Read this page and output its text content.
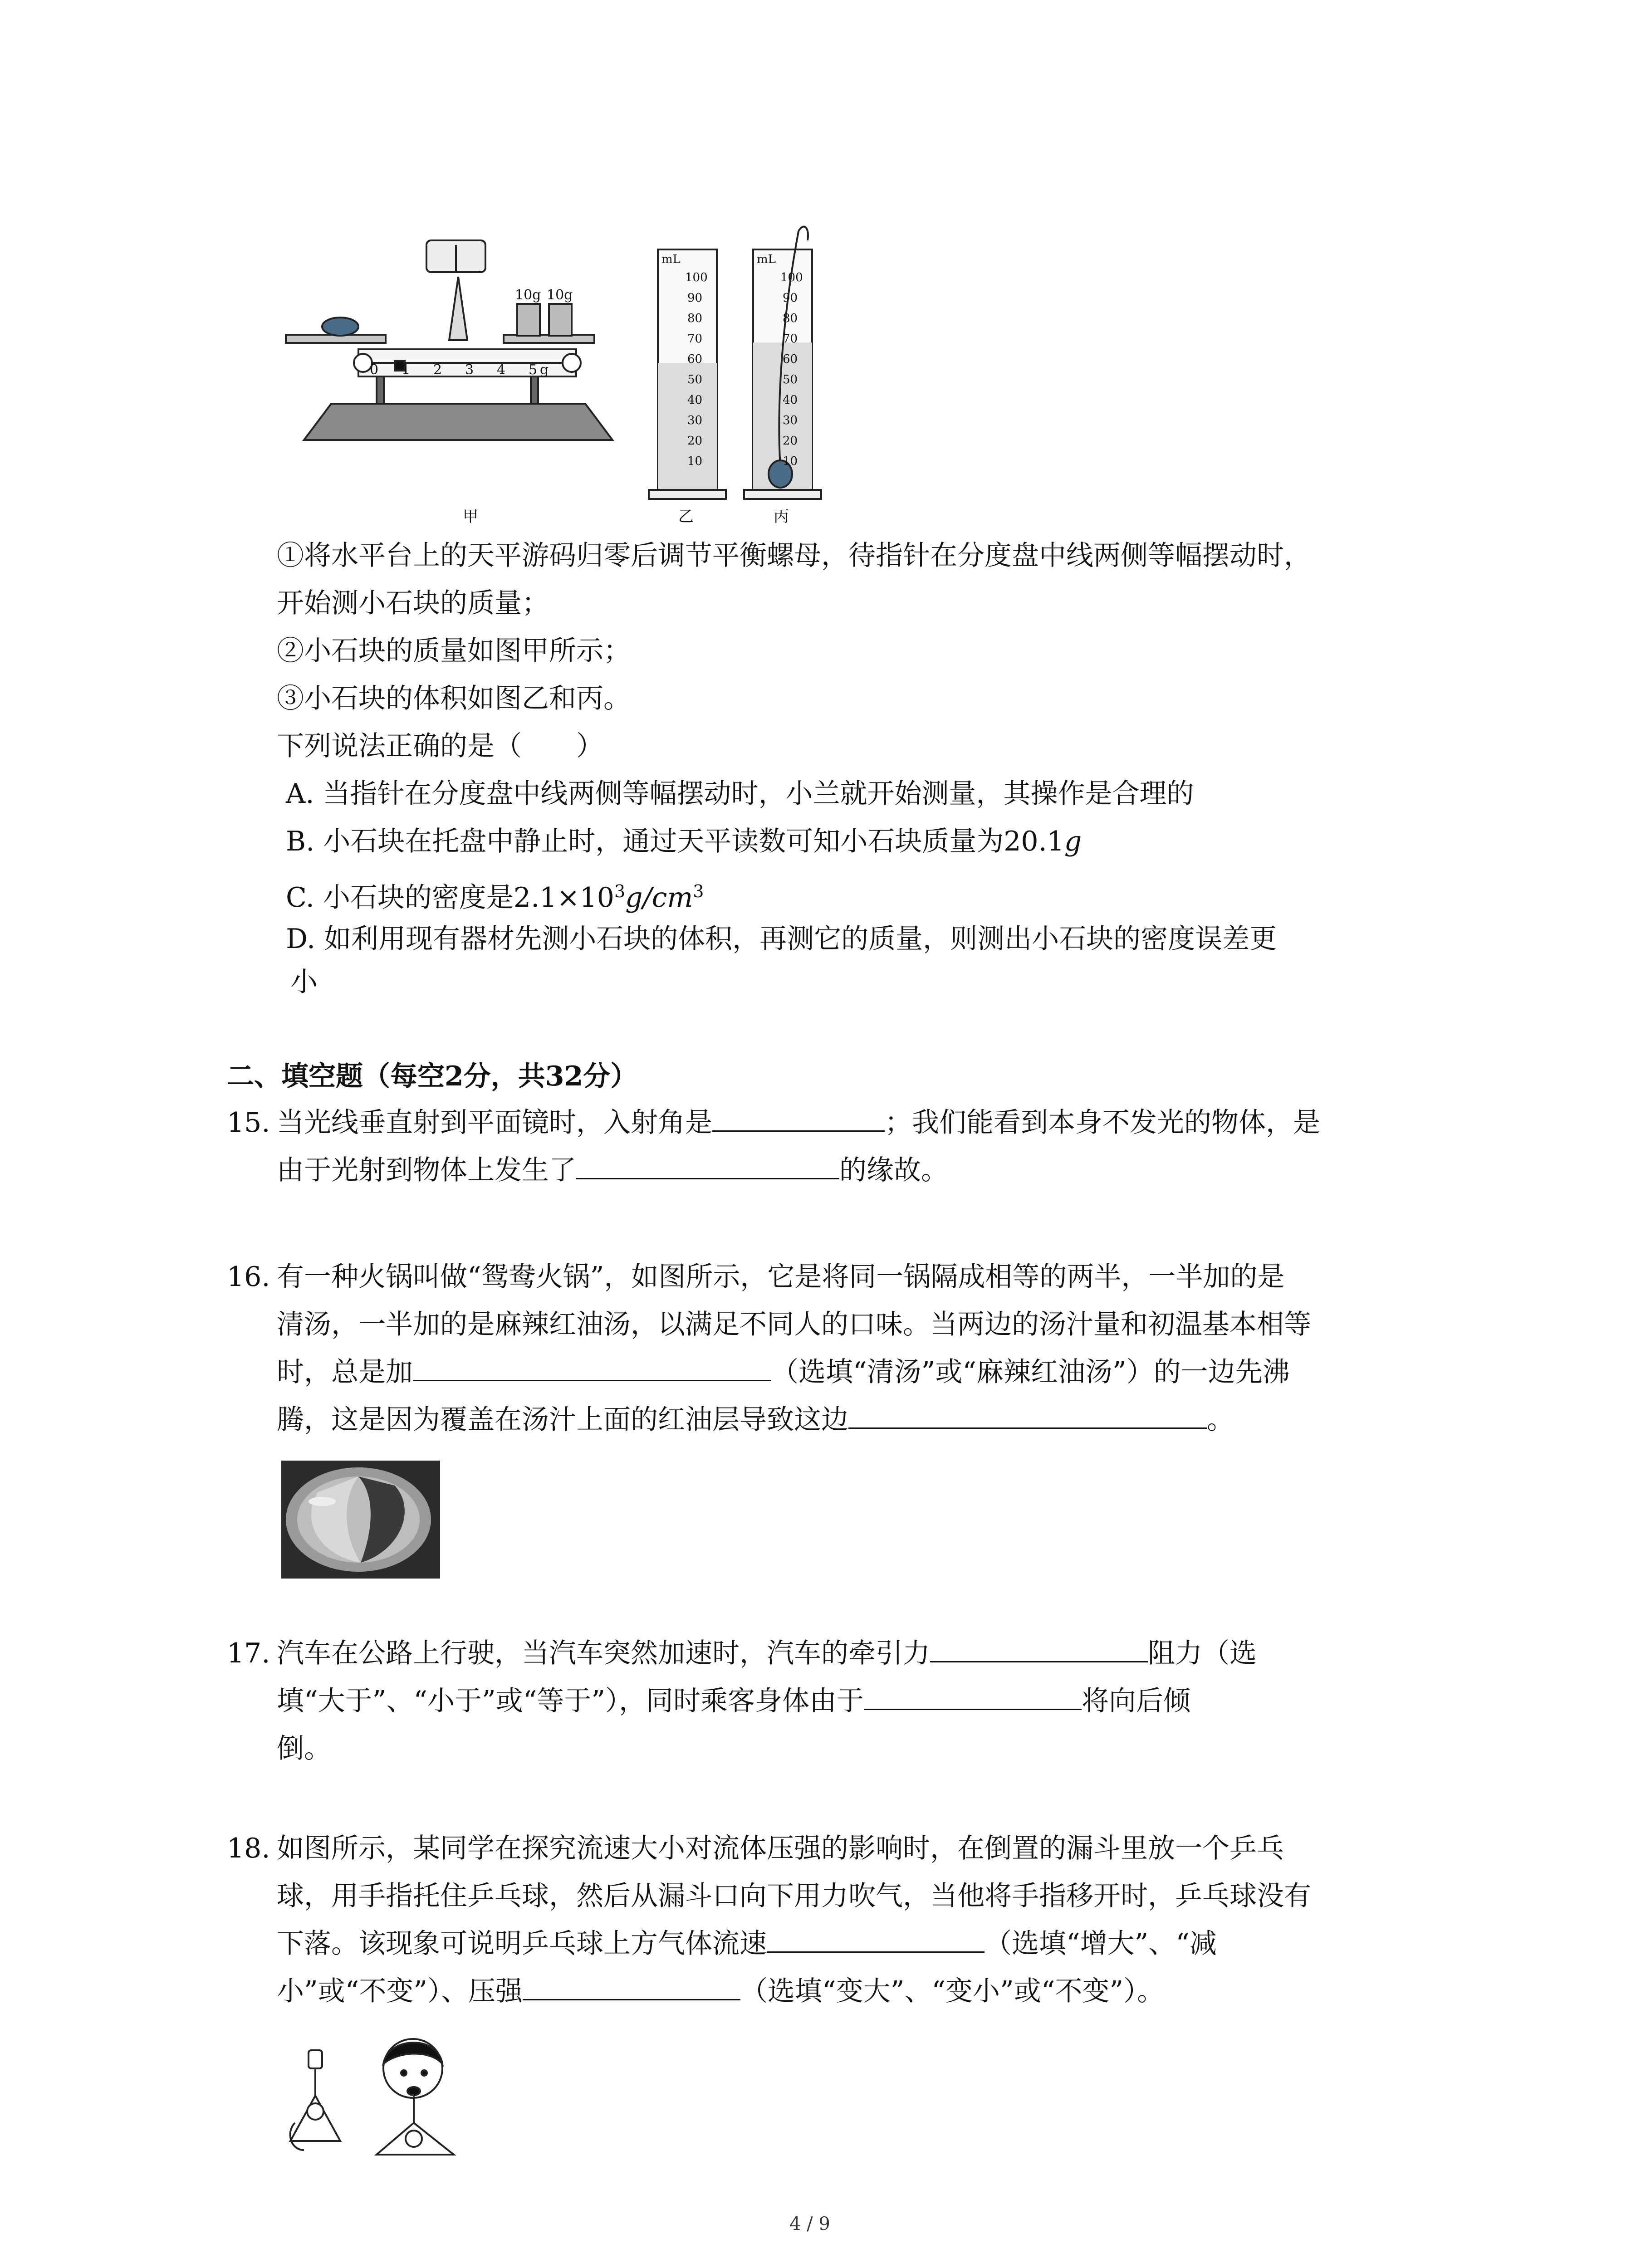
10g 10g
0 1 2 3 4 5 g
mL
100
90
80
70
60
50
40
30
20
10
mL
100
90
80
70
60
50
40
30
20
10
甲	乙	丙
①将水平台上的天平游码归零后调节平衡螺母，待指针在分度盘中线两侧等幅摆动时，
开始测小石块的质量；
②小石块的质量如图甲所示；
③小石块的体积如图乙和丙。
下列说法正确的是（　　）
A. 当指针在分度盘中线两侧等幅摆动时，小兰就开始测量，其操作是合理的
B. 小石块在托盘中静止时，通过天平读数可知小石块质量为20.1g
C. 小石块的密度是$2.1\times 10^3g/cm^3$
D. 如利用现有器材先测小石块的体积，再测它的质量，则测出小石块的密度误差更
小
二、填空题（每空2分，共32分）
15. 当光线垂直射到平面镜时，入射角是	；我们能看到本身不发光的物体，是
由于光射到物体上发生了	的缘故。
16. 有一种火锅叫做“鸳鸯火锅”，如图所示，它是将同一锅隔成相等的两半，一半加的是
清汤，一半加的是麻辣红油汤，以满足不同人的口味。当两边的汤汁量和初温基本相等
时，总是加	（选填“清汤”或“麻辣红油汤”）的一边先沸
腾，这是因为覆盖在汤汁上面的红油层导致这边	。
17. 汽车在公路上行驶，当汽车突然加速时，汽车的牵引力	阻力（选
填“大于”、“小于”或“等于”），同时乘客身体由于	将向后倾
倒。
18. 如图所示，某同学在探究流速大小对流体压强的影响时，在倒置的漏斗里放一个乒乓
球，用手指托住乒乓球，然后从漏斗口向下用力吹气，当他将手指移开时，乒乓球没有
下落。该现象可说明乒乓球上方气体流速	（选填“增大”、“减
小”或“不变”）、压强	（选填“变大”、“变小”或“不变”）。
4 / 9
